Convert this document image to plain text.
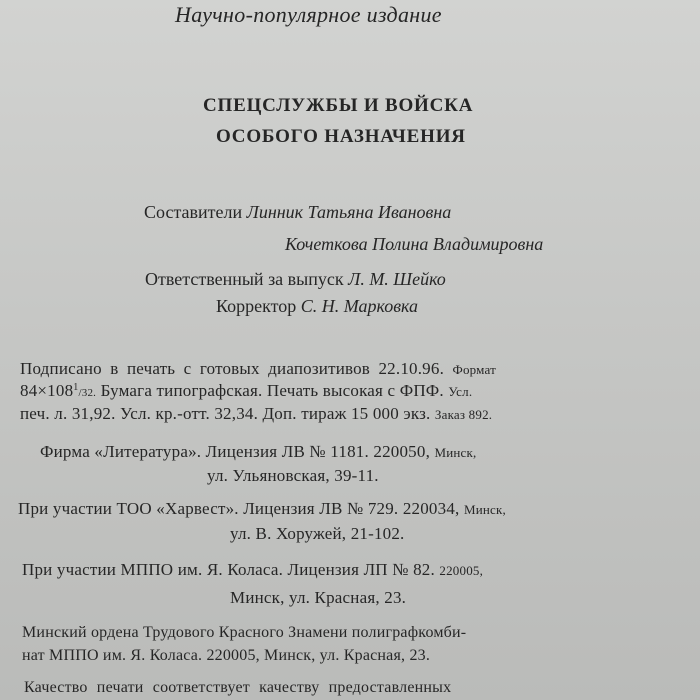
Научно-популярное издание
СПЕЦСЛУЖБЫ И ВОЙСКА
ОСОБОГО НАЗНАЧЕНИЯ
Составители Линник Татьяна Ивановна
Кочеткова Полина Владимировна
Ответственный за выпуск Л. М. Шейко
Корректор С. Н. Марковка
Подписано в печать с готовых диапозитивов 22.10.96. Формат
$84\times 108^1/32$. Бумага типографская. Печать высокая с ФПФ. Усл.
печ. л. 31,92. Усл. кр.-отт. 32,34. Доп. тираж 15 000 экз. Заказ 892.
Фирма «Литература». Лицензия ЛВ № 1181. 220050, Минск,
ул. Ульяновская, 39-11.
При участии ТОО «Харвест». Лицензия ЛВ № 729. 220034, Минск,
ул. В. Хоружей, 21-102.
При участии МППО им. Я. Коласа. Лицензия ЛП № 82. 220005,
Минск, ул. Красная, 23.
Минский ордена Трудового Красного Знамени полиграфкомби-
нат МППО им. Я. Коласа. 220005, Минск, ул. Красная, 23.
Качество печати соответствует качеству предоставленных
